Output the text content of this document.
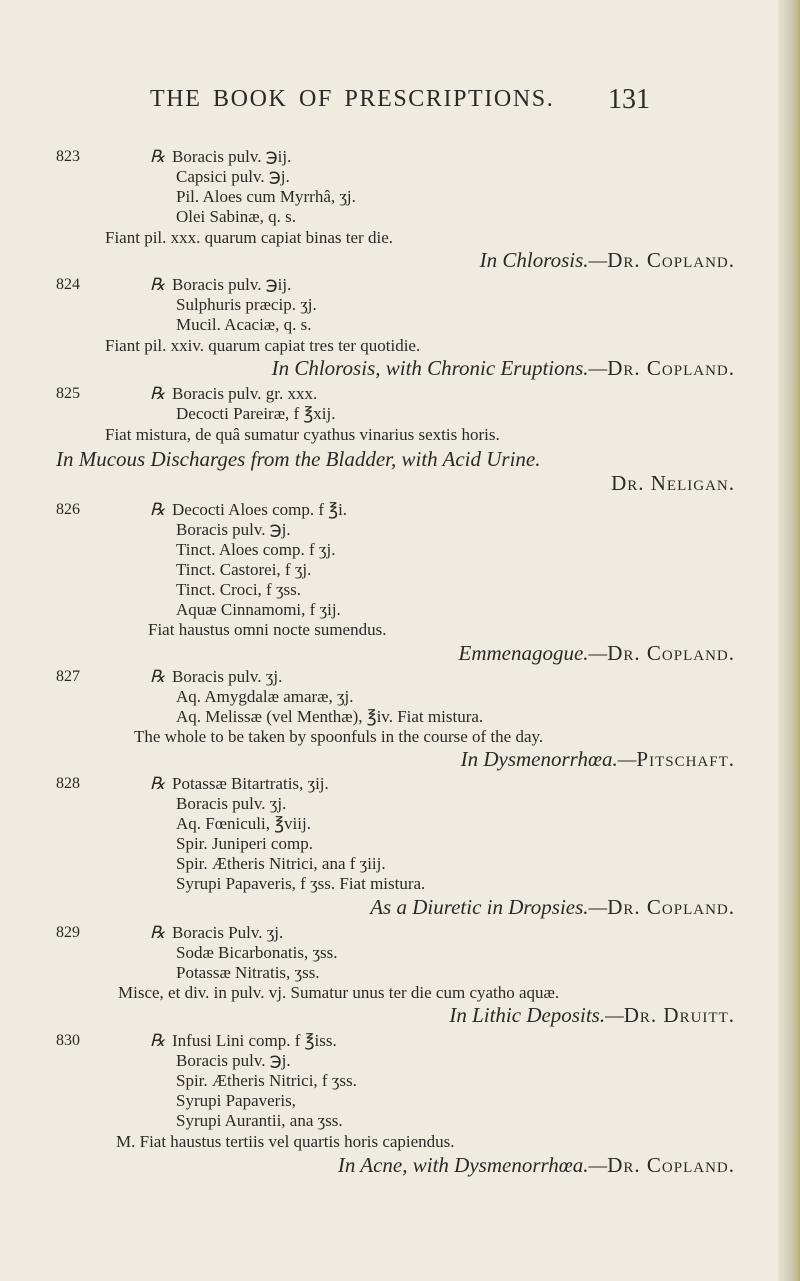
THE BOOK OF PRESCRIPTIONS. 131
823	℞ Boracis pulv. ℈ij.
Capsici pulv. ℈j.
Pil. Aloes cum Myrrhâ, ʒj.
Olei Sabinæ, q. s.
Fiant pil. xxx. quarum capiat binas ter die.
In Chlorosis.—Dr. Copland.
824	℞ Boracis pulv. ℈ij.
Sulphuris præcip. ʒj.
Mucil. Acaciæ, q. s.
Fiant pil. xxiv. quarum capiat tres ter quotidie.
In Chlorosis, with Chronic Eruptions.—Dr. Copland.
825	℞ Boracis pulv. gr. xxx.
Decocti Pareiræ, f ℥xij.
Fiat mistura, de quâ sumatur cyathus vinarius sextis horis.
In Mucous Discharges from the Bladder, with Acid Urine.
Dr. Neligan.
826	℞ Decocti Aloes comp. f ℥i.
Boracis pulv. ℈j.
Tinct. Aloes comp. f ʒj.
Tinct. Castorei, f ʒj.
Tinct. Croci, f ʒss.
Aquæ Cinnamomi, f ʒij.
Fiat haustus omni nocte sumendus.
Emmenagogue.—Dr. Copland.
827	℞ Boracis pulv. ʒj.
Aq. Amygdalæ amaræ, ʒj.
Aq. Melissæ (vel Menthæ), ℥iv. Fiat mistura.
The whole to be taken by spoonfuls in the course of the day.
In Dysmenorrhœa.—Pitschaft.
828	℞ Potassæ Bitartratis, ʒij.
Boracis pulv. ʒj.
Aq. Fœniculi, ℥viij.
Spir. Juniperi comp.
Spir. Ætheris Nitrici, ana f ʒiij.
Syrupi Papaveris, f ʒss. Fiat mistura.
As a Diuretic in Dropsies.—Dr. Copland.
829	℞ Boracis Pulv. ʒj.
Sodæ Bicarbonatis, ʒss.
Potassæ Nitratis, ʒss.
Misce, et div. in pulv. vj. Sumatur unus ter die cum cyatho aquæ.
In Lithic Deposits.—Dr. Druitt.
830	℞ Infusi Lini comp. f ℥iss.
Boracis pulv. ℈j.
Spir. Ætheris Nitrici, f ʒss.
Syrupi Papaveris,
Syrupi Aurantii, ana ʒss.
M. Fiat haustus tertiis vel quartis horis capiendus.
In Acne, with Dysmenorrhœa.—Dr. Copland.
